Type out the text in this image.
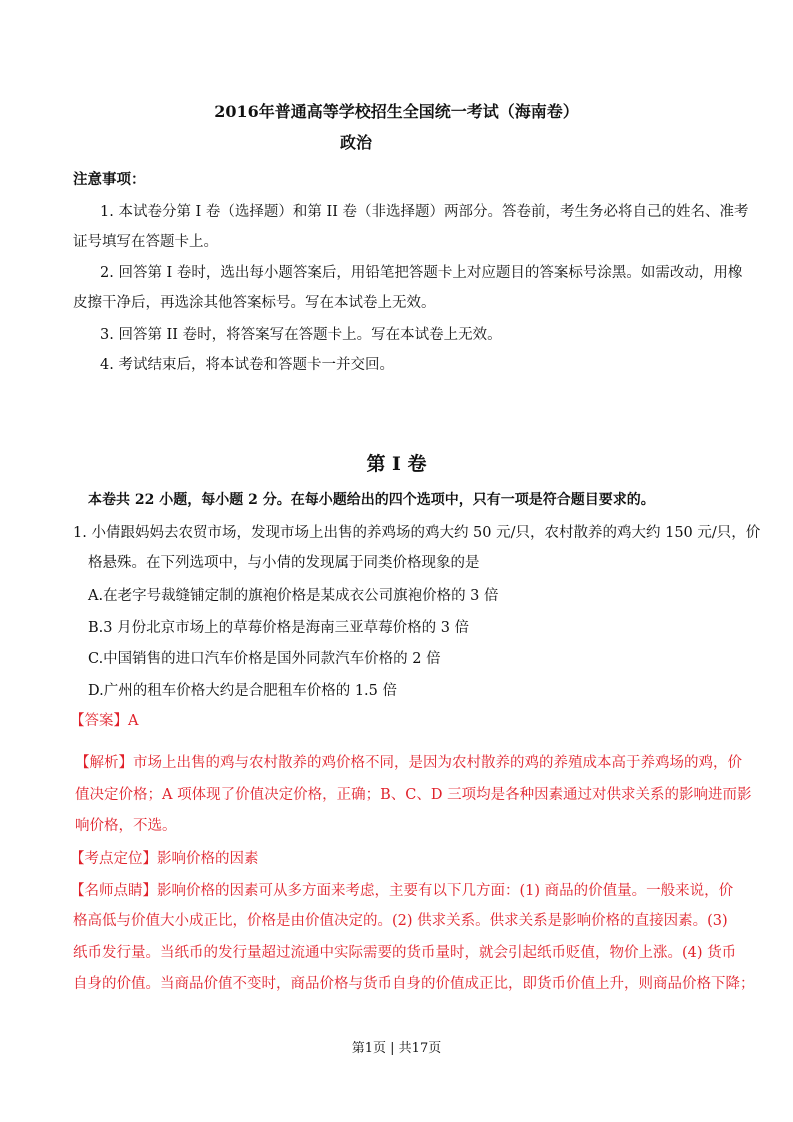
2016年普通高等学校招生全国统一考试（海南卷）
政治
注意事项：
1. 本试卷分第 I 卷（选择题）和第 II 卷（非选择题）两部分。答卷前，考生务必将自己的姓名、准考
证号填写在答题卡上。
2. 回答第 I 卷时，选出每小题答案后，用铅笔把答题卡上对应题目的答案标号涂黑。如需改动，用橡
皮擦干净后，再选涂其他答案标号。写在本试卷上无效。
3. 回答第 II 卷时，将答案写在答题卡上。写在本试卷上无效。
4. 考试结束后，将本试卷和答题卡一并交回。
第 I 卷
本卷共 22 小题，每小题 2 分。在每小题给出的四个选项中，只有一项是符合题目要求的。
1. 小倩跟妈妈去农贸市场，发现市场上出售的养鸡场的鸡大约 50 元/只，农村散养的鸡大约 150 元/只，价
格悬殊。在下列选项中，与小倩的发现属于同类价格现象的是
A.在老字号裁缝铺定制的旗袍价格是某成衣公司旗袍价格的 3 倍
B.3 月份北京市场上的草莓价格是海南三亚草莓价格的 3 倍
C.中国销售的进口汽车价格是国外同款汽车价格的 2 倍
D.广州的租车价格大约是合肥租车价格的 1.5 倍
【答案】A
【解析】市场上出售的鸡与农村散养的鸡价格不同，是因为农村散养的鸡的养殖成本高于养鸡场的鸡，价
值决定价格；A 项体现了价值决定价格，正确；B、C、D 三项均是各种因素通过对供求关系的影响进而影
响价格，不选。
【考点定位】影响价格的因素
【名师点睛】影响价格的因素可从多方面来考虑，主要有以下几方面：(1) 商品的价值量。一般来说，价
格高低与价值大小成正比，价格是由价值决定的。(2) 供求关系。供求关系是影响价格的直接因素。(3)
纸币发行量。当纸币的发行量超过流通中实际需要的货币量时，就会引起纸币贬值，物价上涨。(4) 货币
自身的价值。当商品价值不变时，商品价格与货币自身的价值成正比，即货币价值上升，则商品价格下降；
第1页 | 共17页
